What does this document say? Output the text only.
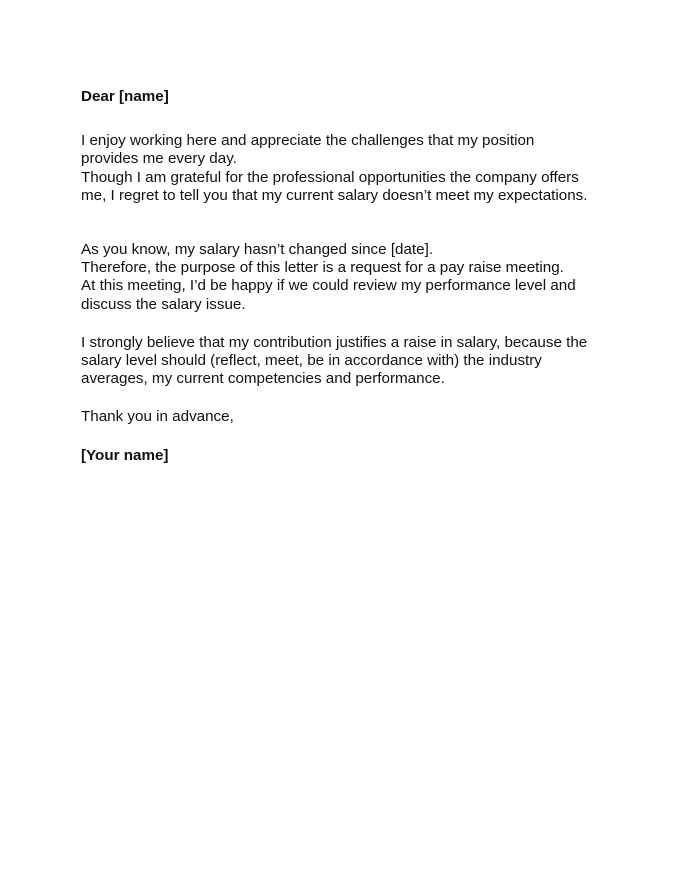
Dear [name]
I enjoy working here and appreciate the challenges that my position
provides me every day.
Though I am grateful for the professional opportunities the company offers
me, I regret to tell you that my current salary doesn’t meet my expectations.
As you know, my salary hasn’t changed since [date].
Therefore, the purpose of this letter is a request for a pay raise meeting.
At this meeting, I’d be happy if we could review my performance level and
discuss the salary issue.
I strongly believe that my contribution justifies a raise in salary, because the
salary level should (reflect, meet, be in accordance with) the industry
averages, my current competencies and performance.
Thank you in advance,
[Your name]
